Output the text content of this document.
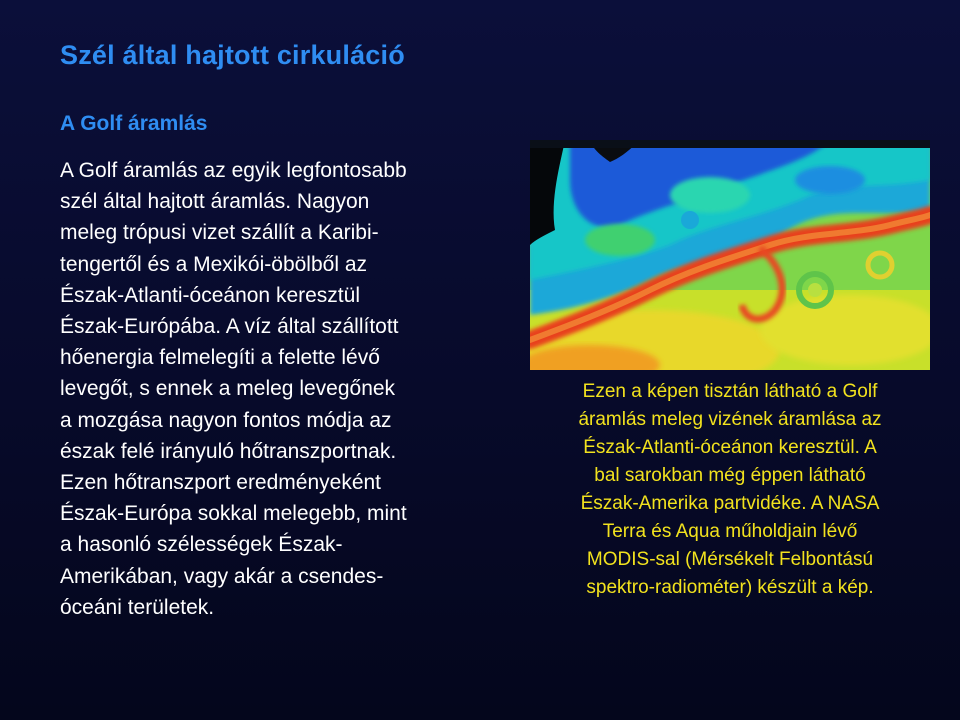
Szél által hajtott cirkuláció
A Golf áramlás
A Golf áramlás az egyik legfontosabb
szél által hajtott áramlás. Nagyon
meleg trópusi vizet szállít a Karibi-
tengertől és a Mexikói-öbölből az
Észak-Atlanti-óceánon keresztül
Észak-Európába. A víz által szállított
hőenergia felmelegíti a felette lévő
levegőt, s ennek a meleg levegőnek
a mozgása nagyon fontos módja az
észak felé irányuló hőtranszportnak.
Ezen hőtranszport eredményeként
Észak-Európa sokkal melegebb, mint
a hasonló szélességek Észak-
Amerikában, vagy akár a csendes-
óceáni területek.
Ezen a képen tisztán látható a Golf
áramlás meleg vizének áramlása az
Észak-Atlanti-óceánon keresztül. A
bal sarokban még éppen látható
Észak-Amerika partvidéke. A NASA
Terra és Aqua műholdjain lévő
MODIS-sal (Mérsékelt Felbontású
spektro-radiométer) készült a kép.
